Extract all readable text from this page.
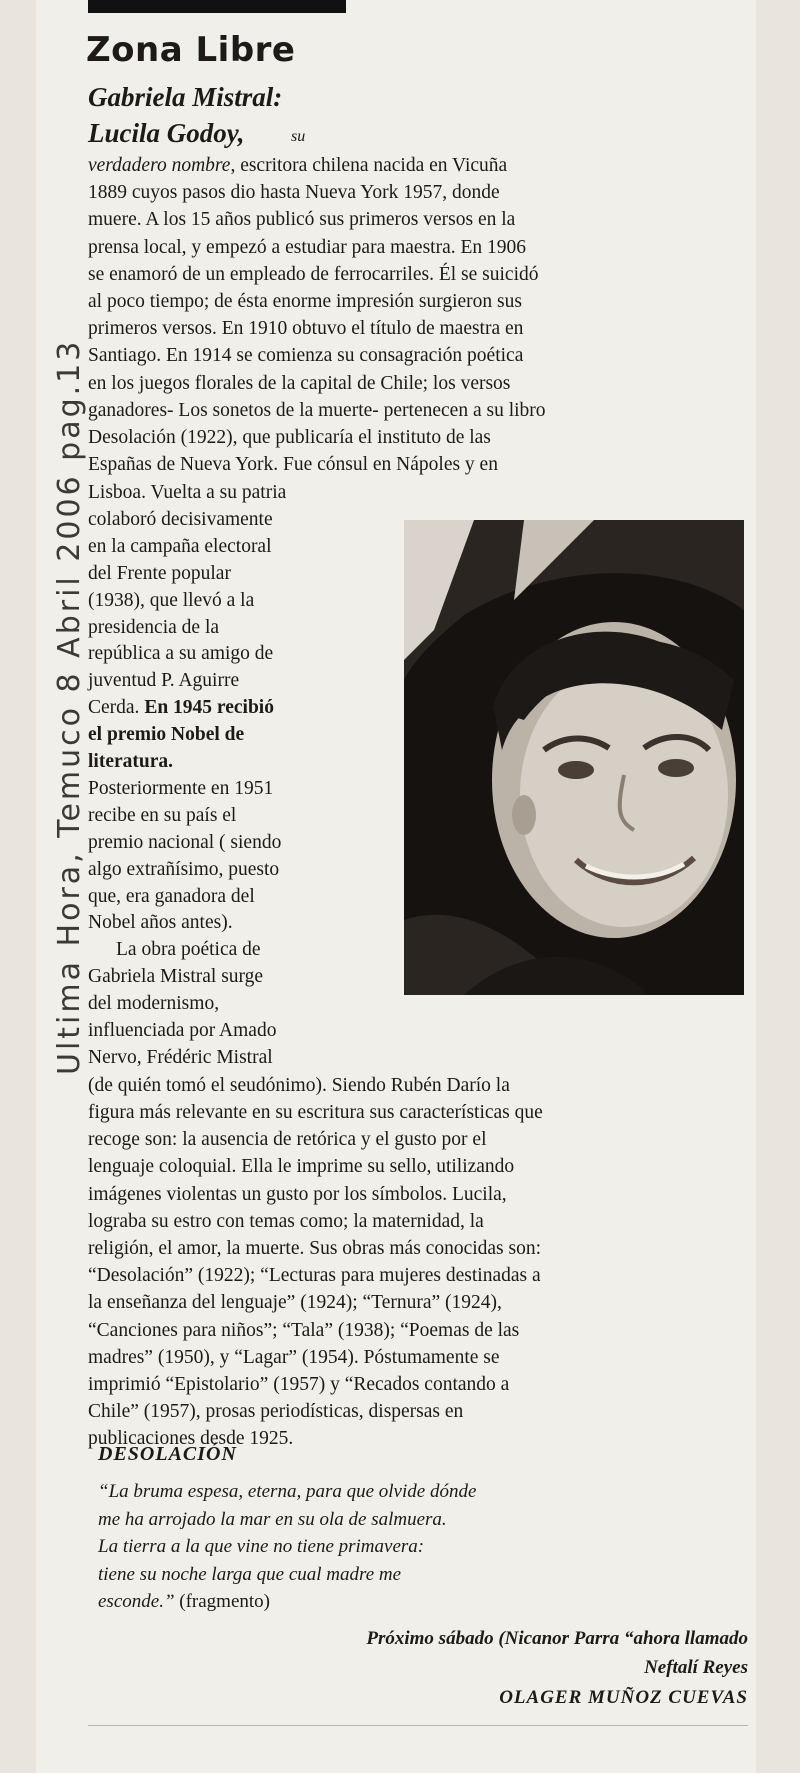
Ultima Hora, Temuco 8 Abril 2006 pag.13
Zona Libre
Gabriela Mistral:
Lucila Godoy,	su

verdadero nombre, escritora chilena nacida en Vicuña

1889 cuyos pasos dio hasta Nueva York 1957, donde

muere. A los 15 años publicó sus primeros versos en la

prensa local, y empezó a estudiar para maestra. En 1906

se enamoró de un empleado de ferrocarriles. Él se suicidó

al poco tiempo; de ésta enorme impresión surgieron sus

primeros versos. En 1910 obtuvo el título de maestra en

Santiago. En 1914 se comienza su consagración poética

en los juegos florales de la capital de Chile; los versos

ganadores- Los sonetos de la muerte- pertenecen a su libro

Desolación (1922), que publicaría el instituto de las

Españas de Nueva York. Fue cónsul en Nápoles y en

Lisboa. Vuelta a su patria

colaboró decisivamente

en la campaña electoral

del Frente popular

(1938), que llevó a la

presidencia de la

república a su amigo de

juventud P. Aguirre

Cerda. En 1945 recibió

el premio Nobel de

literatura.

Posteriormente en 1951

recibe en su país el

premio nacional ( siendo

algo extrañísimo, puesto

que, era ganadora del

Nobel años antes).

La obra poética de

Gabriela Mistral surge

del modernismo,

influenciada por Amado

Nervo, Frédéric Mistral

(de quién tomó el seudónimo). Siendo Rubén Darío la

figura más relevante en su escritura sus características que

recoge son: la ausencia de retórica y el gusto por el

lenguaje coloquial. Ella le imprime su sello, utilizando

imágenes violentas un gusto por los símbolos. Lucila,

lograba su estro con temas como; la maternidad, la

religión, el amor, la muerte. Sus obras más conocidas son:

“Desolación” (1922); “Lecturas para mujeres destinadas a

la enseñanza del lenguaje” (1924); “Ternura” (1924),

“Canciones para niños”; “Tala” (1938); “Poemas de las

madres” (1950), y “Lagar” (1954). Póstumamente se

imprimió “Epistolario” (1957) y “Recados contando a

Chile” (1957), prosas periodísticas, dispersas en

publicaciones desde 1925.

DESOLACIÓN

“La bruma espesa, eterna, para que olvide dónde

me ha arrojado la mar en su ola de salmuera.

La tierra a la que vine no tiene primavera:

tiene su noche larga que cual madre me

esconde.” (fragmento)

Próximo sábado (Nicanor Parra “ahora llamado
Neftalí Reyes
OLAGER MUÑOZ CUEVAS
